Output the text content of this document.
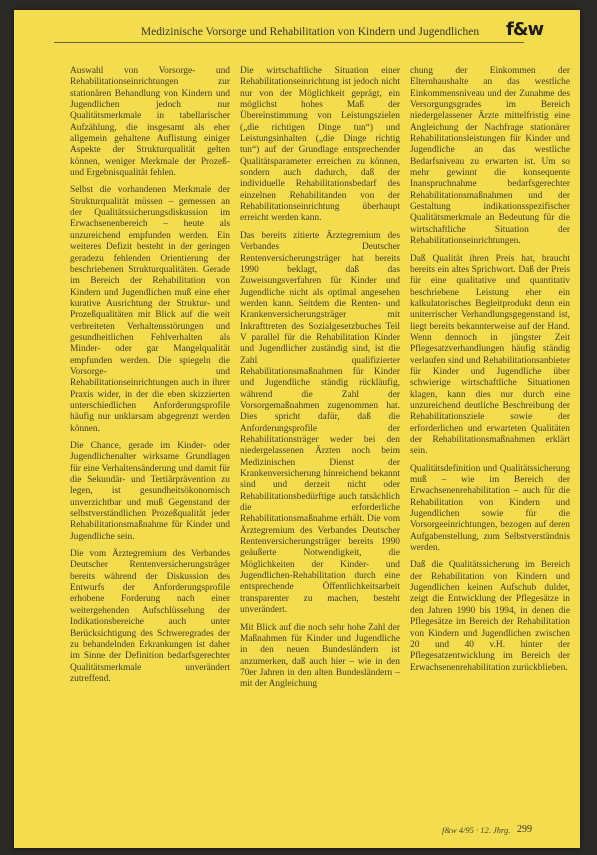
Medizinische Vorsorge und Rehabilitation von Kindern und Jugendlichen	f&w

Auswahl von Vorsorge- und Rehabilitationseinrichtungen zur stationären Behandlung von Kindern und Jugendlichen jedoch nur Qualitätsmerkmale in tabellarischer Aufzählung, die insgesamt als eher allgemein gehaltene Auflistung einiger Aspekte der Strukturqualität gelten können, weniger Merkmale der Prozeß- und Ergebnisqualität fehlen.

Selbst die vorhandenen Merkmale der Strukturqualität müssen – gemessen an der Qualitätssicherungsdiskussion im Erwachsenenbereich – heute als unzureichend empfunden werden. Ein weiteres Defizit besteht in der geringen geradezu fehlenden Orientierung der beschriebenen Strukturqualitäten. Gerade im Bereich der Rehabilitation von Kindern und Jugendlichen muß eine eher kurative Ausrichtung der Struktur- und Prozeßqualitäten mit Blick auf die weit verbreiteten Verhaltensstörungen und gesundheitlichen Fehlverhalten als Minder- oder gar Mangelqualität empfunden werden. Die spiegeln die Vorsorge- und Rehabilitationseinrichtungen auch in ihrer Praxis wider, in der die eben skizzierten unterschiedlichen Anforderungsprofile häufig nur unklarsam abgegrenzt werden können.

Die Chance, gerade im Kinder- oder Jugendlichenalter wirksame Grundlagen für eine Verhaltensänderung und damit für die Sekundär- und Tertiärprävention zu legen, ist gesundheitsökonomisch unverzichtbar und muß Gegenstand der selbstverständlichen Prozeßqualität jeder Rehabilitationsmaßnahme für Kinder und Jugendliche sein.

Die vom Ärztegremium des Verbandes Deutscher Rentenversicherungsträger bereits während der Diskussion des Entwurfs der Anforderungsprofile erhobene Forderung nach einer weitergehenden Aufschlüsselung der Indikationsbereiche auch unter Berücksichtigung des Schweregrades der zu behandelnden Erkrankungen ist daher im Sinne der Definition bedarfsgerechter Qualitätsmerkmale unverändert zutreffend.

Die wirtschaftliche Situation einer Rehabilitationseinrichtung ist jedoch nicht nur von der Möglichkeit geprägt, ein möglichst hohes Maß der Übereinstimmung von Leistungszielen („die richtigen Dinge tun“) und Leistungsinhalten („die Dinge richtig tun“) auf der Grundlage entsprechender Qualitätsparameter erreichen zu können, sondern auch dadurch, daß der individuelle Rehabilitationsbedarf des einzelnen Rehabilitanden von der Rehabilitationseinrichtung überhaupt erreicht werden kann.

Das bereits zitierte Ärztegremium des Verbandes Deutscher Rentenversicherungsträger hat bereits 1990 beklagt, daß das Zuweisungsverfahren für Kinder und Jugendliche nicht als optimal angesehen werden kann. Seitdem die Renten- und Krankenversicherungsträger mit Inkrafttreten des Sozialgesetzbuches Teil V parallel für die Rehabilitation Kinder und Jugendlicher zuständig sind, ist die Zahl qualifizierter Rehabilitationsmaßnahmen für Kinder und Jugendliche ständig rückläufig, während die Zahl der Vorsorgemaßnahmen zugenommen hat. Dies spricht dafür, daß die Anforderungsprofile der Rehabilitationsträger weder bei den niedergelassenen Ärzten noch beim Medizinischen Dienst der Krankenversicherung hinreichend bekannt sind und derzeit nicht oder Rehabilitationsbedürftige auch tatsächlich die erforderliche Rehabilitationsmaßnahme erhält. Die vom Ärztegremium des Verbandes Deutscher Rentenversicherungsträger bereits 1990 geäußerte Notwendigkeit, die Möglichkeiten der Kinder- und Jugendlichen-Rehabilitation durch eine entsprechende Öffentlichkeitsarbeit transparenter zu machen, besteht unverändert.

Mit Blick auf die noch sehr hohe Zahl der Maßnahmen für Kinder und Jugendliche in den neuen Bundesländern ist anzumerken, daß auch hier – wie in den 70er Jahren in den alten Bundesländern – mit der Angleichung

chung der Einkommen der Elternhaushalte an das westliche Einkommensniveau und der Zunahme des Versorgungsgrades im Bereich niedergelassener Ärzte mittelfristig eine Angleichung der Nachfrage stationärer Rehabilitationsleistungen für Kinder und Jugendliche an das westliche Bedarfsniveau zu erwarten ist. Um so mehr gewinnt die konsequente Inanspruchnahme bedarfsgerechter Rehabilitationsmaßnahmen und der Gestaltung indikationsspezifischer Qualitätsmerkmale an Bedeutung für die wirtschaftliche Situation der Rehabilitationseinrichtungen.

Daß Qualität ihren Preis hat, braucht bereits ein altes Sprichwort. Daß der Preis für eine qualitative und quantitativ beschriebene Leistung eher ein kalkulatorisches Begleitprodukt denn ein uniterrischer Verhandlungsgegenstand ist, liegt bereits bekannterweise auf der Hand. Wenn dennoch in jüngster Zeit Pflegesatzverhandlungen häufig ständig verlaufen sind und Rehabilitationsanbieter für Kinder und Jugendliche über schwierige wirtschaftliche Situationen klagen, kann dies nur durch eine unzureichend deutliche Beschreibung der Rehabilitationsziele sowie der erforderlichen und erwarteten Qualitäten der Rehabilitationsmaßnahmen erklärt sein.

Qualitätsdefinition und Qualitätssicherung muß – wie im Bereich der Erwachsenenrehabilitation – auch für die Rehabilitation von Kindern und Jugendlichen sowie für die Vorsorgeeinrichtungen, bezogen auf deren Aufgabenstellung, zum Selbstverständnis werden.

Daß die Qualitätssicherung im Bereich der Rehabilitation von Kindern und Jugendlichen keinen Aufschub duldet, zeigt die Entwicklung der Pflegesätze in den Jahren 1990 bis 1994, in denen die Pflegesätze im Bereich der Rehabilitation von Kindern und Jugendlichen zwischen 20 und 40 v.H. hinter der Pflegesatzentwicklung im Bereich der Erwachsenenrehabilitation zurückblieben.

f&w 4/95 · 12. Jhrg. 299
